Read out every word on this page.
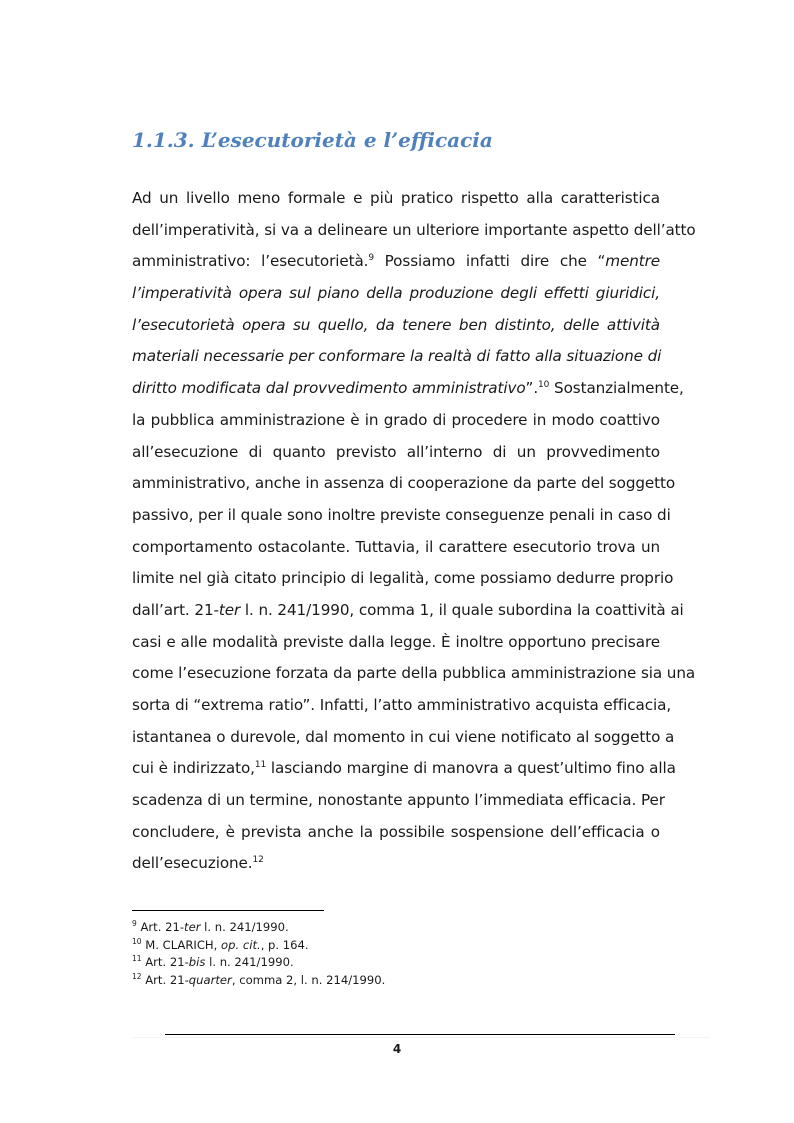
1.1.3. L’esecutorietà e l’efficacia
Ad un livello meno formale e più pratico rispetto alla caratteristica
dell’imperatività, si va a delineare un ulteriore importante aspetto dell’atto
amministrativo: l’esecutorietà.$^9$ Possiamo infatti dire che “mentre
l’imperatività opera sul piano della produzione degli effetti giuridici,
l’esecutorietà opera su quello, da tenere ben distinto, delle attività
materiali necessarie per conformare la realtà di fatto alla situazione di
diritto modificata dal provvedimento amministrativo”.$^{10}$ Sostanzialmente,
la pubblica amministrazione è in grado di procedere in modo coattivo
all’esecuzione di quanto previsto all’interno di un provvedimento
amministrativo, anche in assenza di cooperazione da parte del soggetto
passivo, per il quale sono inoltre previste conseguenze penali in caso di
comportamento ostacolante. Tuttavia, il carattere esecutorio trova un
limite nel già citato principio di legalità, come possiamo dedurre proprio
dall’art. 21-ter l. n. 241/1990, comma 1, il quale subordina la coattività ai
casi e alle modalità previste dalla legge. È inoltre opportuno precisare
come l’esecuzione forzata da parte della pubblica amministrazione sia una
sorta di “extrema ratio”. Infatti, l’atto amministrativo acquista efficacia,
istantanea o durevole, dal momento in cui viene notificato al soggetto a
cui è indirizzato,$^{11}$ lasciando margine di manovra a quest’ultimo fino alla
scadenza di un termine, nonostante appunto l’immediata efficacia. Per
concludere, è prevista anche la possibile sospensione dell’efficacia o
dell’esecuzione.$^{12}$
$^9$ Art. 21-ter l. n. 241/1990.
$^{10}$ M. CLARICH, op. cit., p. 164.
$^{11}$ Art. 21-bis l. n. 241/1990.
$^{12}$ Art. 21-quarter, comma 2, l. n. 214/1990.
4
